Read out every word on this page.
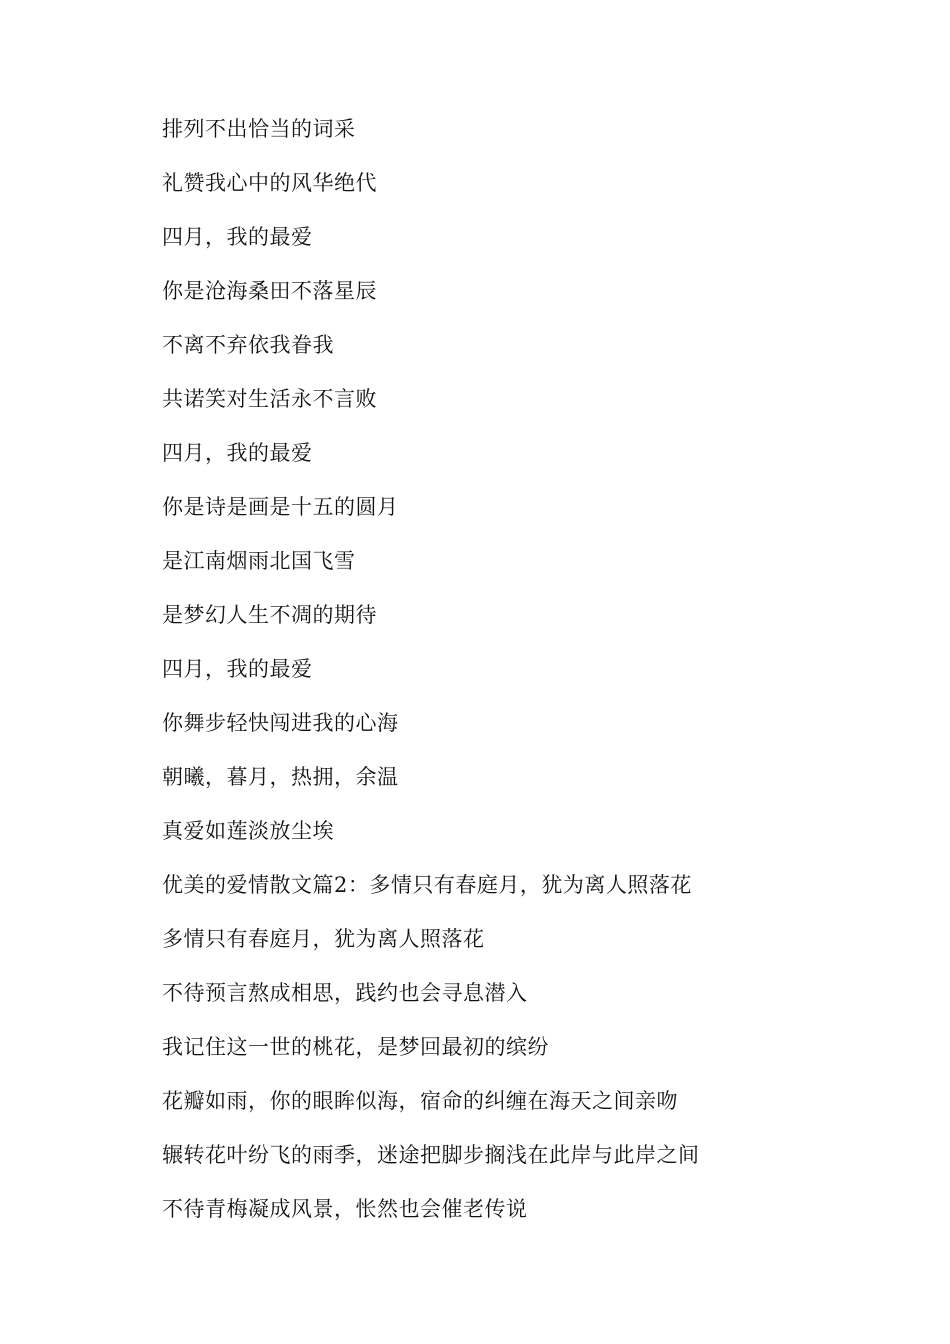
排列不出恰当的词采
礼赞我心中的风华绝代
四月，我的最爱
你是沧海桑田不落星辰
不离不弃依我眷我
共诺笑对生活永不言败
四月，我的最爱
你是诗是画是十五的圆月
是江南烟雨北国飞雪
是梦幻人生不凋的期待
四月，我的最爱
你舞步轻快闯进我的心海
朝曦，暮月，热拥，余温
真爱如莲淡放尘埃
优美的爱情散文篇2：多情只有春庭月，犹为离人照落花
多情只有春庭月，犹为离人照落花
不待预言熬成相思，践约也会寻息潜入
我记住这一世的桃花，是梦回最初的缤纷
花瓣如雨，你的眼眸似海，宿命的纠缠在海天之间亲吻
辗转花叶纷飞的雨季，迷途把脚步搁浅在此岸与此岸之间
不待青梅凝成风景，怅然也会催老传说
